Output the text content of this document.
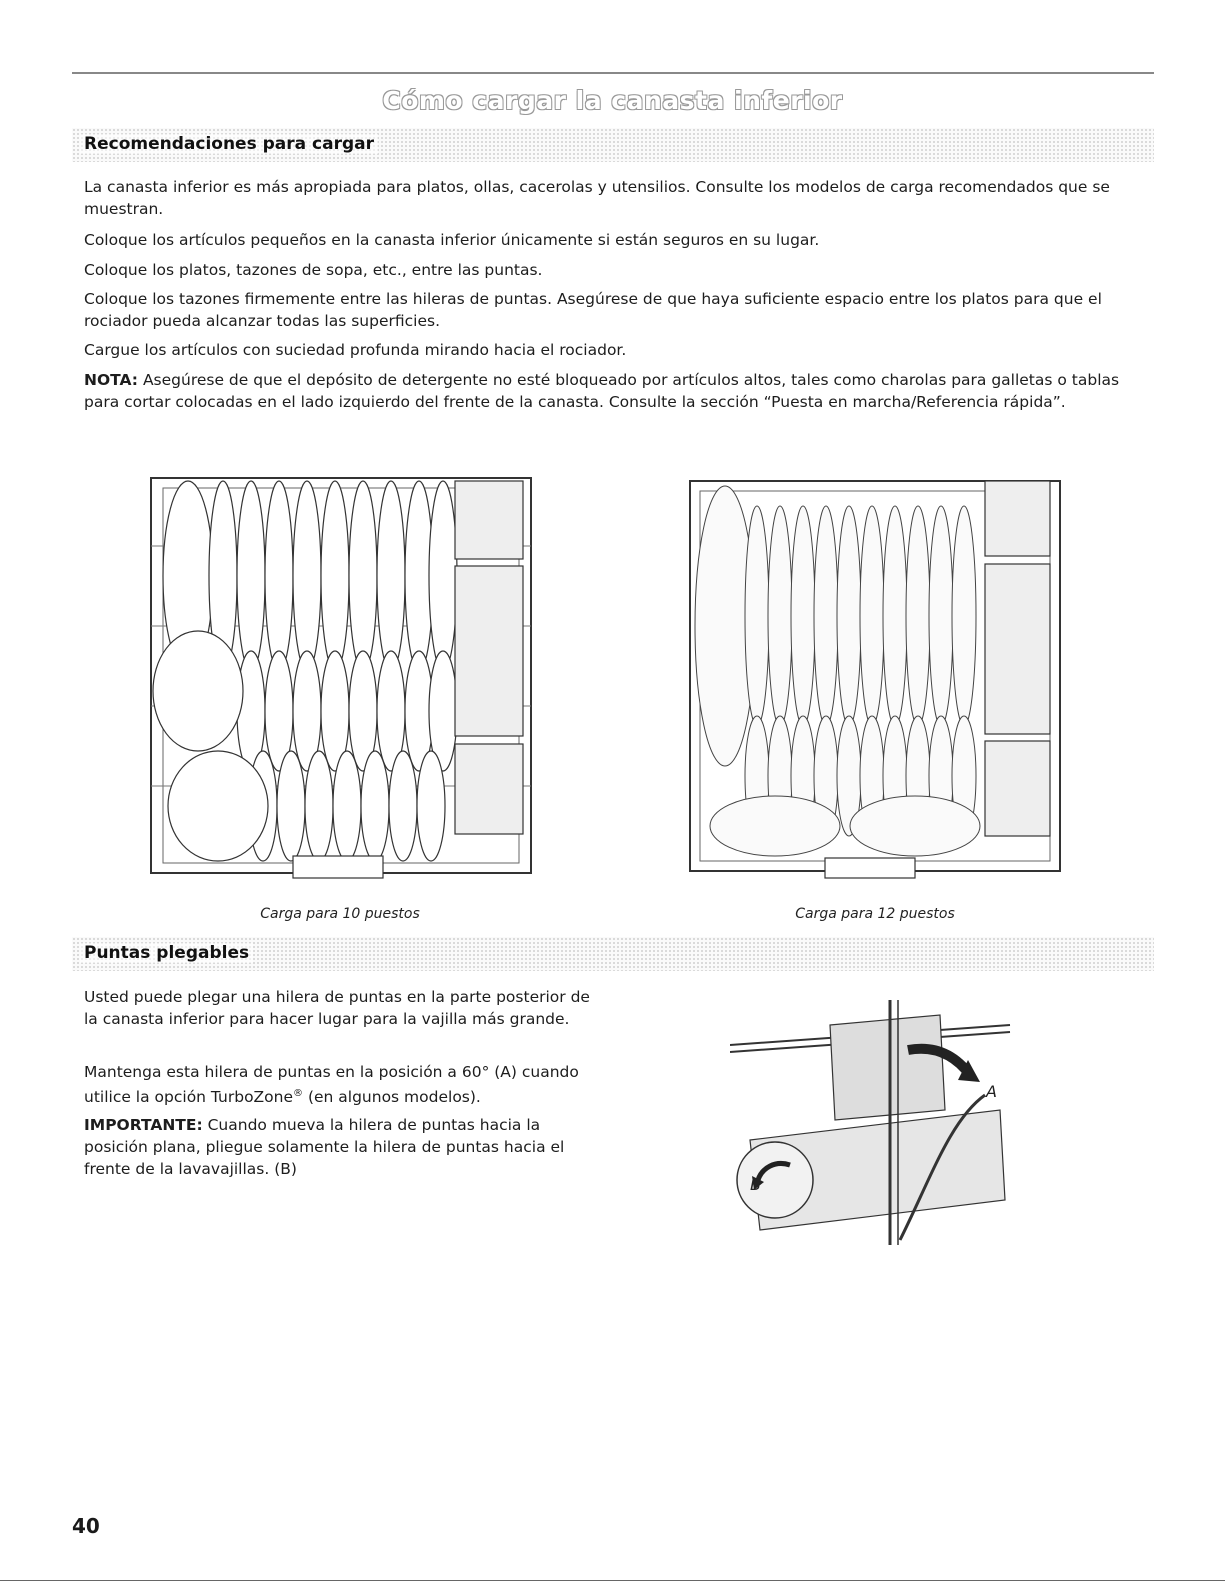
Cómo cargar la canasta inferior
Recomendaciones para cargar

La canasta inferior es más apropiada para platos, ollas, cacerolas y utensilios. Consulte los modelos de carga recomendados que se muestran.

Coloque los artículos pequeños en la canasta inferior únicamente si están seguros en su lugar.

Coloque los platos, tazones de sopa, etc., entre las puntas.

Coloque los tazones firmemente entre las hileras de puntas. Asegúrese de que haya suficiente espacio entre los platos para que el rociador pueda alcanzar todas las superficies.

Cargue los artículos con suciedad profunda mirando hacia el rociador.

NOTA: Asegúrese de que el depósito de detergente no esté bloqueado por artículos altos, tales como charolas para galletas o tablas para cortar colocadas en el lado izquierdo del frente de la canasta. Consulte la sección “Puesta en marcha/Referencia rápida”.

Carga para 10 puestos	Carga para 12 puestos
Puntas plegables

Usted puede plegar una hilera de puntas en la parte posterior de la canasta inferior para hacer lugar para la vajilla más grande.

Mantenga esta hilera de puntas en la posición a 60° (A) cuando utilice la opción TurboZone® (en algunos modelos).

IMPORTANTE: Cuando mueva la hilera de puntas hacia la posición plana, pliegue solamente la hilera de puntas hacia el frente de la lavavajillas. (B)

A
B
40
